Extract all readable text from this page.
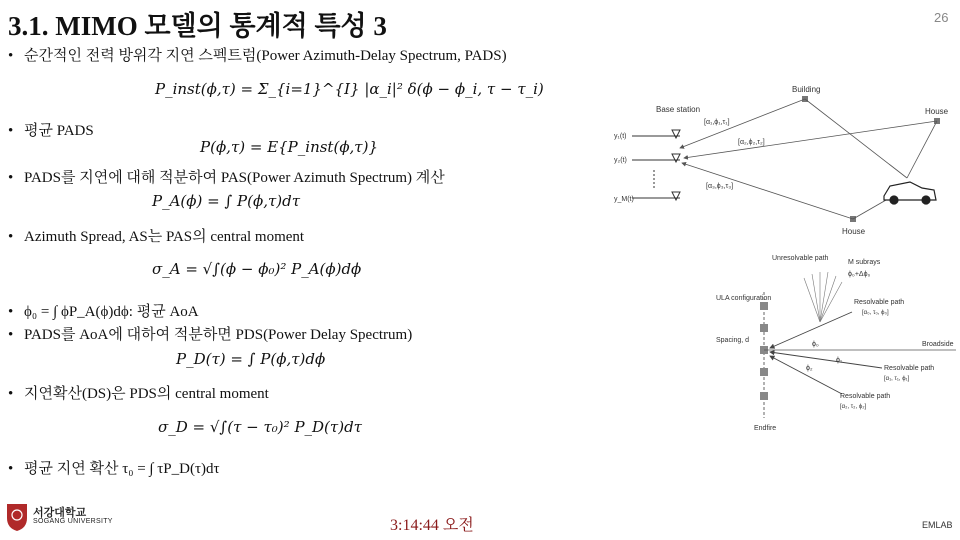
3.1. MIMO 모델의 통계적 특성 3	26
• 순간적인 전력 방위각 지연 스펙트럼(Power Azimuth-Delay Spectrum, PADS)
• 평균 PADS
• PADS를 지연에 대해 적분하여 PAS(Power Azimuth Spectrum) 계산
• Azimuth Spread, AS는 PAS의 central moment
• ϕ₀ = ∫ ϕP_A(ϕ)dϕ: 평균 AoA
• PADS를 AoA에 대하여 적분하면 PDS(Power Delay Spectrum)
• 지연확산(DS)은 PDS의 central moment
• 평균 지연 확산 τ₀ = ∫ τP_D(τ)dτ
P_inst(ϕ,τ) = Σ_{i=1}^{I} |α_i|² δ(ϕ − ϕ_i, τ − τ_i)
P(ϕ,τ) = E{P_inst(ϕ,τ)}
P_A(ϕ) = ∫ P(ϕ,τ)dτ
σ_A = √∫(ϕ − ϕ₀)² P_A(ϕ)dϕ
P_D(τ) = ∫ P(ϕ,τ)dϕ
σ_D = √∫(τ − τ₀)² P_D(τ)dτ
Base station
y₁(t)
y₂(t)
y_M(t)
Building
House
House
[α₁,ϕ₁,τ₁]
[α₂,ϕ₂,τ₂]
[α₃,ϕ₃,τ₃]
ULA configuration
Spacing, d
Endfire
Broadside
Unresolvable path
M subrays
ϕ₀+Δϕ₀
Resolvable path
[α₀, τ₀, ϕ₀]
Resolvable path
[α₁, τ₁, ϕ₁]
Resolvable path
[α₂, τ₂, ϕ₂]
ϕ₀
ϕ₁
ϕ₂
서강대학교
SOGANG UNIVERSITY	3:14:44 오전	EMLAB
